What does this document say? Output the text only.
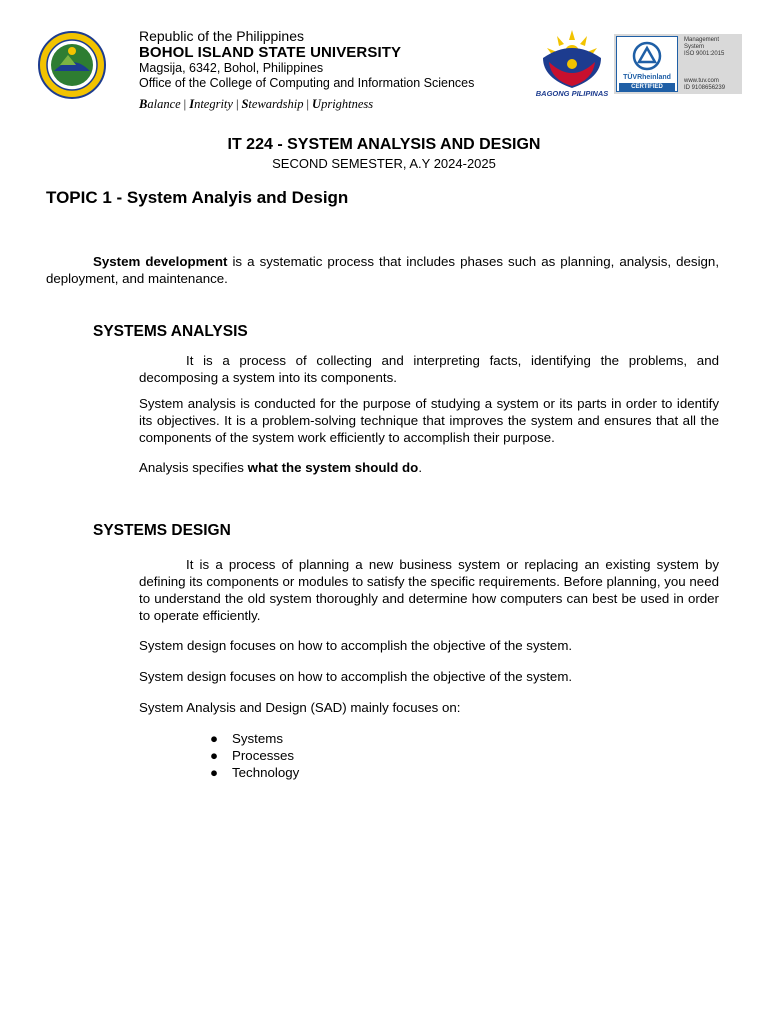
Republic of the Philippines
BOHOL ISLAND STATE UNIVERSITY
Magsija, 6342, Bohol, Philippines
Office of the College of Computing and Information Sciences
Balance | Integrity | Stewardship | Uprightness
BAGONG PILIPINAS
TÜVRheinland
CERTIFIED
Management
System
ISO 9001:2015
www.tuv.com
ID 9108656239
IT 224 - SYSTEM ANALYSIS AND DESIGN
SECOND SEMESTER, A.Y 2024-2025
TOPIC 1 - System Analyis and Design
System development is a systematic process that includes phases such as planning, analysis, design, deployment, and maintenance.
SYSTEMS ANALYSIS
It is a process of collecting and interpreting facts, identifying the problems, and decomposing a system into its components.
System analysis is conducted for the purpose of studying a system or its parts in order to identify its objectives. It is a problem-solving technique that improves the system and ensures that all the components of the system work efficiently to accomplish their purpose.
Analysis specifies what the system should do.
SYSTEMS DESIGN
It is a process of planning a new business system or replacing an existing system by defining its components or modules to satisfy the specific requirements. Before planning, you need to understand the old system thoroughly and determine how computers can best be used in order to operate efficiently.
System design focuses on how to accomplish the objective of the system.
System design focuses on how to accomplish the objective of the system.
System Analysis and Design (SAD) mainly focuses on:
● Systems
● Processes
● Technology
